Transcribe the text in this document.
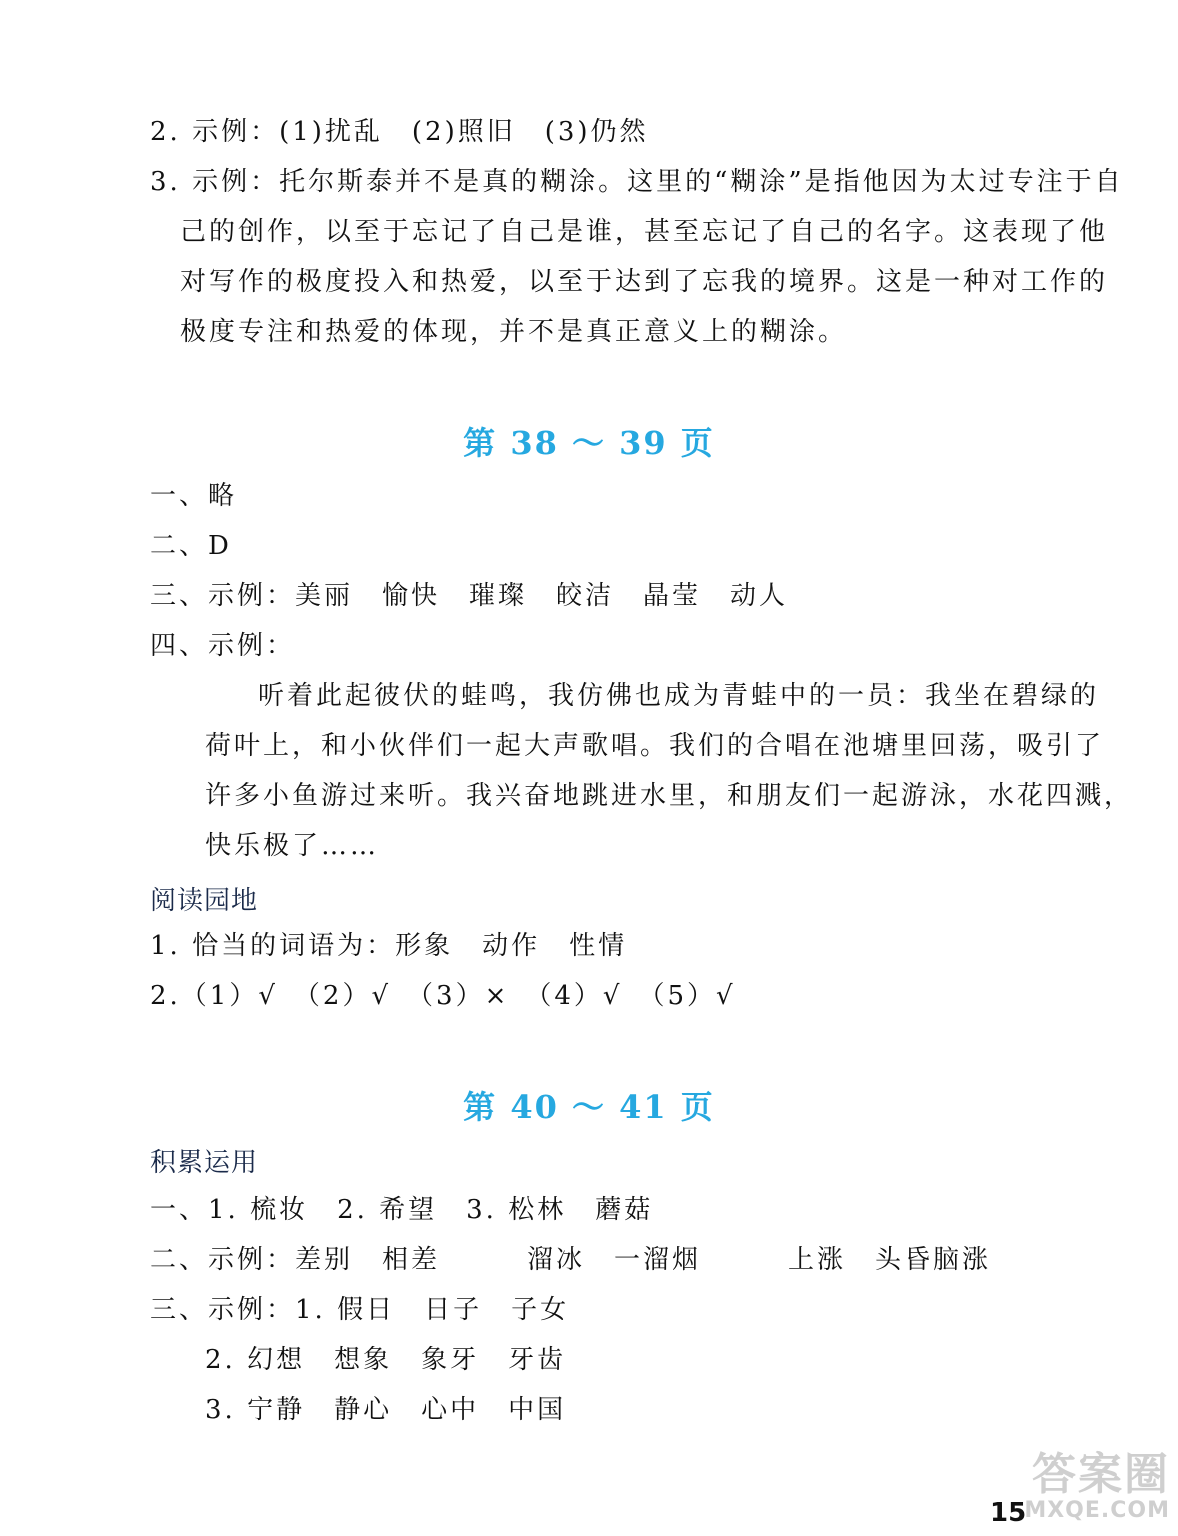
2. 示例：(1)扰乱　(2)照旧　(3)仍然
3. 示例：托尔斯泰并不是真的糊涂。这里的“糊涂”是指他因为太过专注于自
己的创作，以至于忘记了自己是谁，甚至忘记了自己的名字。这表现了他
对写作的极度投入和热爱，以至于达到了忘我的境界。这是一种对工作的
极度专注和热爱的体现，并不是真正意义上的糊涂。
第 38 ～ 39 页
一、略
二、D
三、示例：美丽　愉快　璀璨　皎洁　晶莹　动人
四、示例：
听着此起彼伏的蛙鸣，我仿佛也成为青蛙中的一员：我坐在碧绿的
荷叶上，和小伙伴们一起大声歌唱。我们的合唱在池塘里回荡，吸引了
许多小鱼游过来听。我兴奋地跳进水里，和朋友们一起游泳，水花四溅，
快乐极了……
阅读园地
1. 恰当的词语为：形象　动作　性情
2.（1）√　（2）√　（3）×　（4）√　（5）√
第 40 ～ 41 页
积累运用
一、1. 梳妆　2. 希望　3. 松林　蘑菇
二、示例：差别　相差　　　溜冰　一溜烟　　　上涨　头昏脑涨
三、示例：1. 假日　日子　子女
2. 幻想　想象　象牙　牙齿
3. 宁静　静心　心中　中国
15
答案圈
MXQE.COM
